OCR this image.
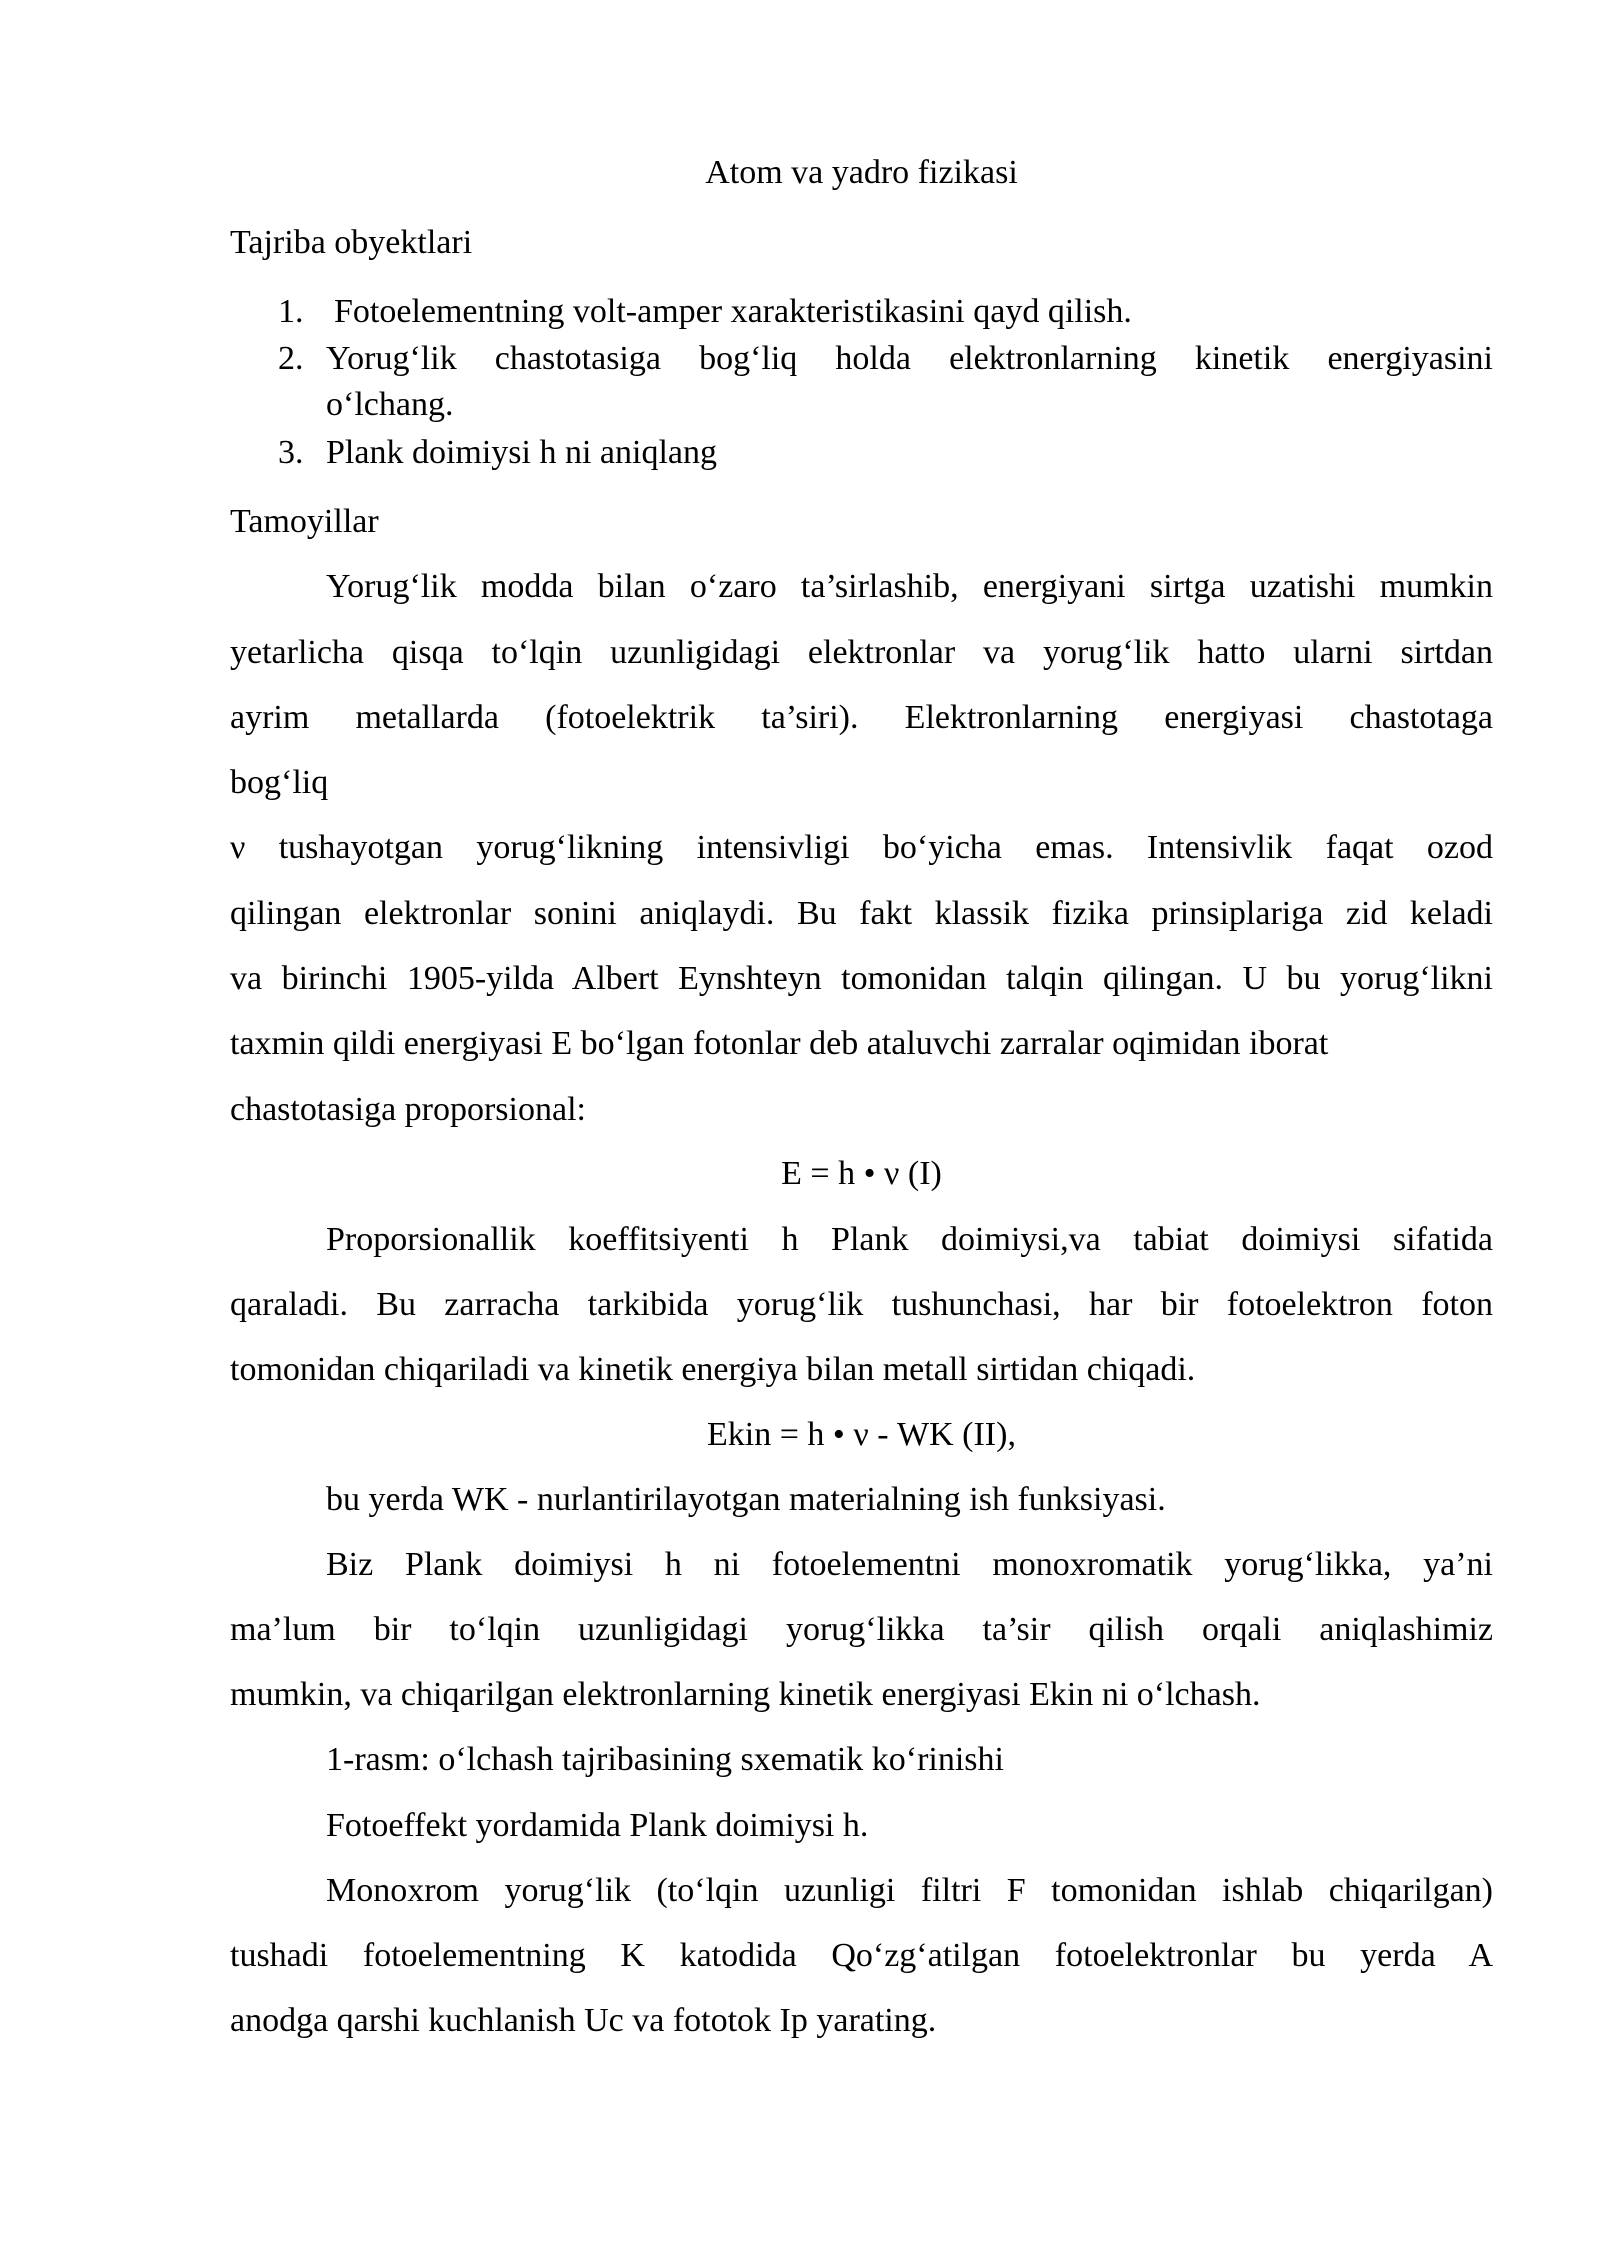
Atom va yadro fizikasi
Tajriba obyektlari
1. Fotoelementning volt-amper xarakteristikasini qayd qilish.
2. Yorug‘lik chastotasiga bog‘liq holda elektronlarning kinetik energiyasini
o‘lchang.
3. Plank doimiysi h ni aniqlang
Tamoyillar
Yorug‘lik modda bilan o‘zaro ta’sirlashib, energiyani sirtga uzatishi mumkin
yetarlicha qisqa to‘lqin uzunligidagi elektronlar va yorug‘lik hatto ularni sirtdan
ayrim metallarda (fotoelektrik ta’siri). Elektronlarning energiyasi chastotaga
bog‘liq
ν tushayotgan yorug‘likning intensivligi bo‘yicha emas. Intensivlik faqat ozod
qilingan elektronlar sonini aniqlaydi. Bu fakt klassik fizika prinsiplariga zid keladi
va birinchi 1905-yilda Albert Eynshteyn tomonidan talqin qilingan. U bu yorug‘likni
taxmin qildi energiyasi E bo‘lgan fotonlar deb ataluvchi zarralar oqimidan iborat
chastotasiga proporsional:
E = h • ν (I)
Proporsionallik koeffitsiyenti h Plank doimiysi,va tabiat doimiysi sifatida
qaraladi. Bu zarracha tarkibida yorug‘lik tushunchasi, har bir fotoelektron foton
tomonidan chiqariladi va kinetik energiya bilan metall sirtidan chiqadi.
Ekin = h • ν - WK (II),
bu yerda WK - nurlantirilayotgan materialning ish funksiyasi.
Biz Plank doimiysi h ni fotoelementni monoxromatik yorug‘likka, ya’ni
ma’lum bir to‘lqin uzunligidagi yorug‘likka ta’sir qilish orqali aniqlashimiz
mumkin, va chiqarilgan elektronlarning kinetik energiyasi Ekin ni o‘lchash.
1-rasm: o‘lchash tajribasining sxematik ko‘rinishi
Fotoeffekt yordamida Plank doimiysi h.
Monoxrom yorug‘lik (to‘lqin uzunligi filtri F tomonidan ishlab chiqarilgan)
tushadi fotoelementning K katodida Qo‘zg‘atilgan fotoelektronlar bu yerda A
anodga qarshi kuchlanish Uc va fototok Ip yarating.
